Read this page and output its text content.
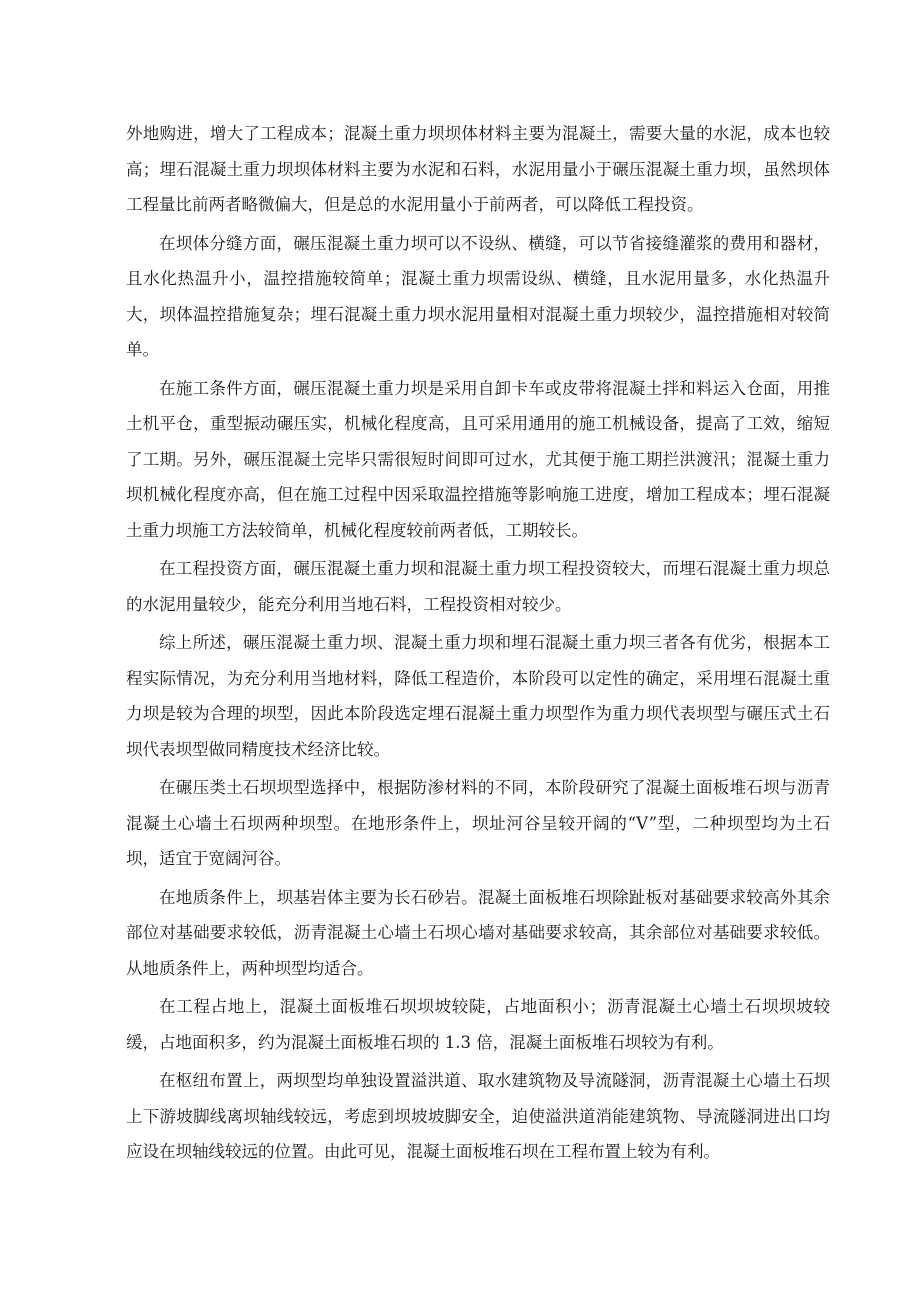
外地购进，增大了工程成本；混凝土重力坝坝体材料主要为混凝土，需要大量的水泥，成本也较高；埋石混凝土重力坝坝体材料主要为水泥和石料，水泥用量小于碾压混凝土重力坝，虽然坝体工程量比前两者略微偏大，但是总的水泥用量小于前两者，可以降低工程投资。

在坝体分缝方面，碾压混凝土重力坝可以不设纵、横缝，可以节省接缝灌浆的费用和器材，且水化热温升小，温控措施较简单；混凝土重力坝需设纵、横缝，且水泥用量多，水化热温升大，坝体温控措施复杂；埋石混凝土重力坝水泥用量相对混凝土重力坝较少，温控措施相对较简单。

在施工条件方面，碾压混凝土重力坝是采用自卸卡车或皮带将混凝土拌和料运入仓面，用推土机平仓，重型振动碾压实，机械化程度高，且可采用通用的施工机械设备，提高了工效，缩短了工期。另外，碾压混凝土完毕只需很短时间即可过水，尤其便于施工期拦洪渡汛；混凝土重力坝机械化程度亦高，但在施工过程中因采取温控措施等影响施工进度，增加工程成本；埋石混凝土重力坝施工方法较简单，机械化程度较前两者低，工期较长。

在工程投资方面，碾压混凝土重力坝和混凝土重力坝工程投资较大，而埋石混凝土重力坝总的水泥用量较少，能充分利用当地石料，工程投资相对较少。

综上所述，碾压混凝土重力坝、混凝土重力坝和埋石混凝土重力坝三者各有优劣，根据本工程实际情况，为充分利用当地材料，降低工程造价，本阶段可以定性的确定，采用埋石混凝土重力坝是较为合理的坝型，因此本阶段选定埋石混凝土重力坝型作为重力坝代表坝型与碾压式土石坝代表坝型做同精度技术经济比较。

在碾压类土石坝坝型选择中，根据防渗材料的不同，本阶段研究了混凝土面板堆石坝与沥青混凝土心墙土石坝两种坝型。在地形条件上，坝址河谷呈较开阔的“V”型，二种坝型均为土石坝，适宜于宽阔河谷。

在地质条件上，坝基岩体主要为长石砂岩。混凝土面板堆石坝除趾板对基础要求较高外其余部位对基础要求较低，沥青混凝土心墙土石坝心墙对基础要求较高，其余部位对基础要求较低。从地质条件上，两种坝型均适合。

在工程占地上，混凝土面板堆石坝坝坡较陡，占地面积小；沥青混凝土心墙土石坝坝坡较缓，占地面积多，约为混凝土面板堆石坝的 1.3 倍，混凝土面板堆石坝较为有利。

在枢纽布置上，两坝型均单独设置溢洪道、取水建筑物及导流隧洞，沥青混凝土心墙土石坝上下游坡脚线离坝轴线较远，考虑到坝坡坡脚安全，迫使溢洪道消能建筑物、导流隧洞进出口均应设在坝轴线较远的位置。由此可见，混凝土面板堆石坝在工程布置上较为有利。
